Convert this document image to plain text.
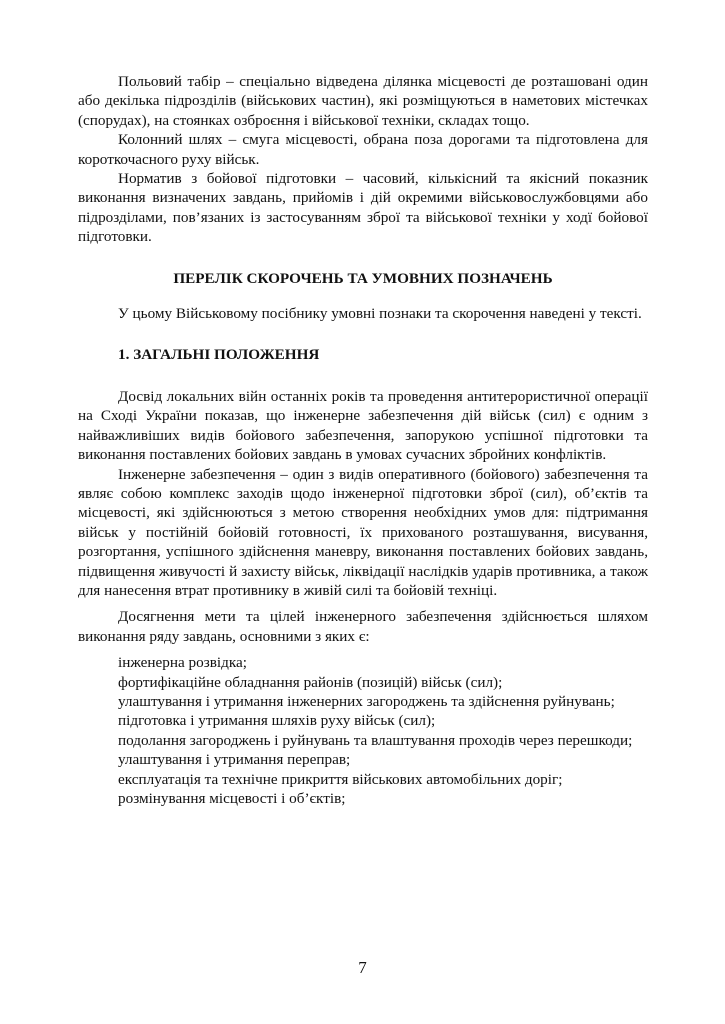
Польовий табір – спеціально відведена ділянка місцевості де розташовані один або декілька підрозділів (військових частин), які розміщуються в наметових містечках (спорудах), на стоянках озброєння і військової техніки, складах тощо.

Колонний шлях – смуга місцевості, обрана поза дорогами та підготовлена для короткочасного руху військ.

Норматив з бойової підготовки – часовий, кількісний та якісний показник виконання визначених завдань, прийомів і дій окремими військовослужбовцями або підрозділами, пов’язаних із застосуванням зброї та військової техніки у ходї бойової підготовки.

ПЕРЕЛІК СКОРОЧЕНЬ ТА УМОВНИХ ПОЗНАЧЕНЬ

У цьому Військовому посібнику умовні познаки та скорочення наведені у тексті.

1. ЗАГАЛЬНІ ПОЛОЖЕННЯ

Досвід локальних війн останніх років та проведення антитерористичної операції на Сході України показав, що інженерне забезпечення дій військ (сил) є одним з найважливіших видів бойового забезпечення, запорукою успішної підготовки та виконання поставлених бойових завдань в умовах сучасних збройних конфліктів.

Інженерне забезпечення – один з видів оперативного (бойового) забезпечення та являє собою комплекс заходів щодо інженерної підготовки зброї (сил), об’єктів та місцевості, які здійснюються з метою створення необхідних умов для: підтримання військ у постійній бойовій готовності, їх прихованого розташування, висування, розгортання, успішного здійснення маневру, виконання поставлених бойових завдань, підвищення живучості й захисту військ, ліквідації наслідків ударів противника, а також для нанесення втрат противнику в живій силі та бойовій техніці.

Досягнення мети та цілей інженерного забезпечення здійснюється шляхом виконання ряду завдань, основними з яких є:

інженерна розвідка;
фортифікаційне обладнання районів (позицій) військ (сил);
улаштування і утримання інженерних загороджень та здійснення руйнувань;
підготовка і утримання шляхів руху військ (сил);
подолання загороджень і руйнувань та влаштування проходів через перешкоди;
улаштування і утримання переправ;
експлуатація та технічне прикриття військових автомобільних доріг;
розмінування місцевості і об’єктів;
7
